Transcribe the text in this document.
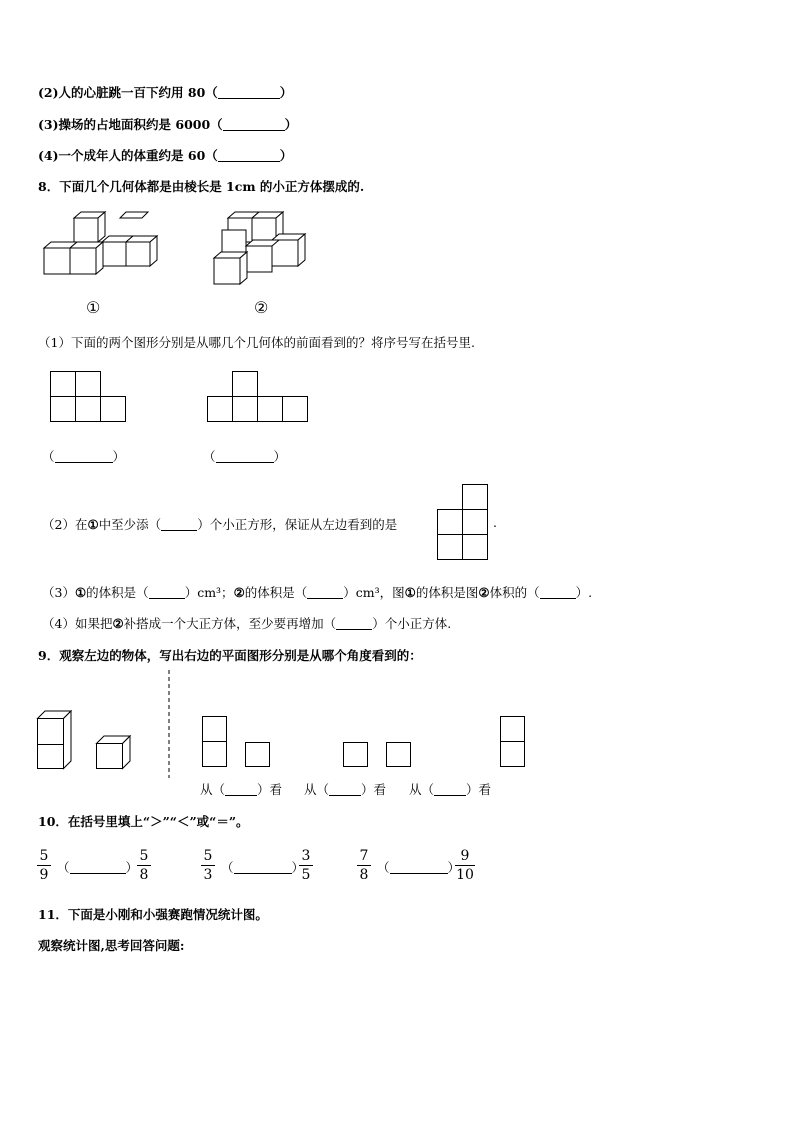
(2)人的心脏跳一百下约用 80（	）
(3)操场的占地面积约是 6000（	）
(4)一个成年人的体重约是 60（	）
8．下面几个几何体都是由棱长是 1cm 的小正方体摆成的.
①	②
（1）下面的两个图形分别是从哪几个几何体的前面看到的？将序号写在括号里.
（	）	（	）
（2）在①中至少添（	）个小正方形，保证从左边看到的是	.
（3）①的体积是（	）cm³；②的体积是（	）cm³，图①的体积是图②体积的（	）.
（4）如果把②补搭成一个大正方体，至少要再增加（	）个小正方体.
9．观察左边的物体，写出右边的平面图形分别是从哪个角度看到的：
从（	）看 从（	）看 从（	）看
10．在括号里填上“＞”“＜”或“＝”。
5
9 （	）
5
8
5
3 （	）
3
5
7
8 （	）
9
10
11．下面是小刚和小强赛跑情况统计图。
观察统计图,思考回答问题:
